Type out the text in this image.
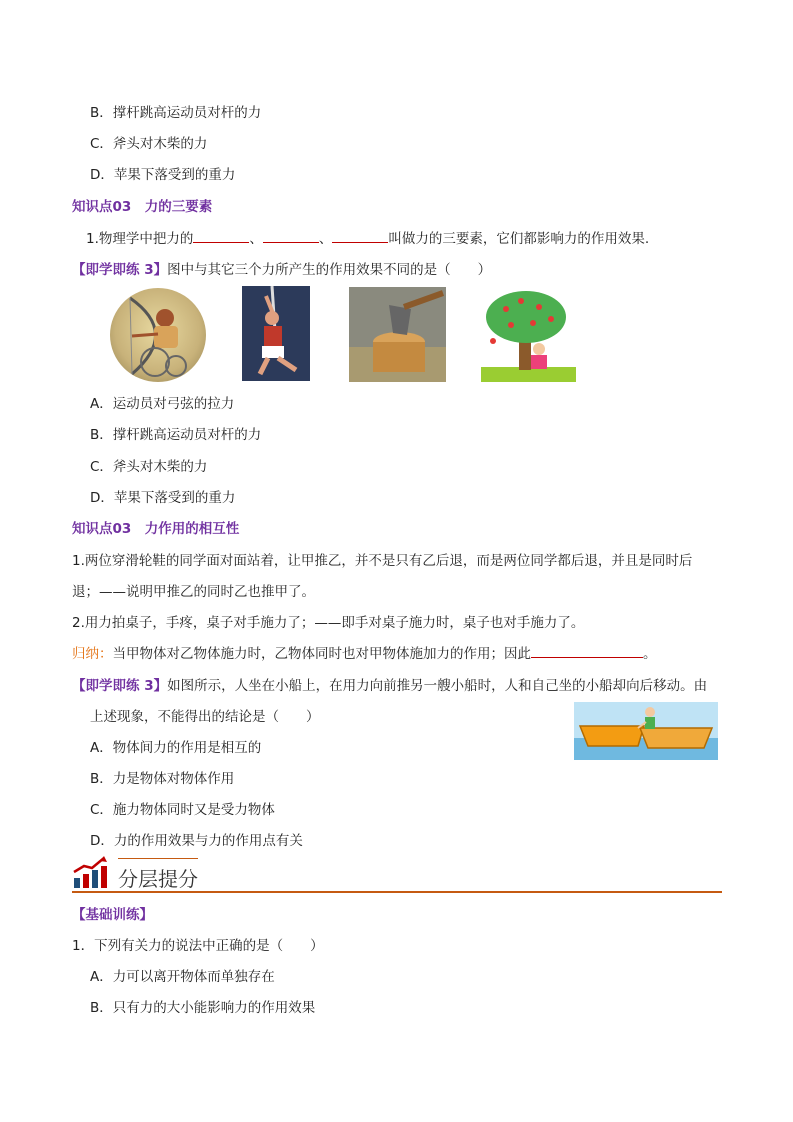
B．撑杆跳高运动员对杆的力
C．斧头对木柴的力
D．苹果下落受到的重力
知识点03　力的三要素
1.物理学中把力的	、	、	叫做力的三要素，它们都影响力的作用效果.
【即学即练 3】图中与其它三个力所产生的作用效果不同的是（　　）
A．运动员对弓弦的拉力
B．撑杆跳高运动员对杆的力
C．斧头对木柴的力
D．苹果下落受到的重力
知识点03　力作用的相互性
1.两位穿滑轮鞋的同学面对面站着，让甲推乙，并不是只有乙后退，而是两位同学都后退，并且是同时后
退；——说明甲推乙的同时乙也推甲了。
2.用力拍桌子，手疼，桌子对手施力了；——即手对桌子施力时，桌子也对手施力了。
归纳：当甲物体对乙物体施力时，乙物体同时也对甲物体施加力的作用；因此	。
【即学即练 3】如图所示，人坐在小船上，在用力向前推另一艘小船时，人和自己坐的小船却向后移动。由
上述现象，不能得出的结论是（　　）
A．物体间力的作用是相互的
B．力是物体对物体作用
C．施力物体同时又是受力物体
D．力的作用效果与力的作用点有关
分层提分
【基础训练】
1．下列有关力的说法中正确的是（　　）
A．力可以离开物体而单独存在
B．只有力的大小能影响力的作用效果
